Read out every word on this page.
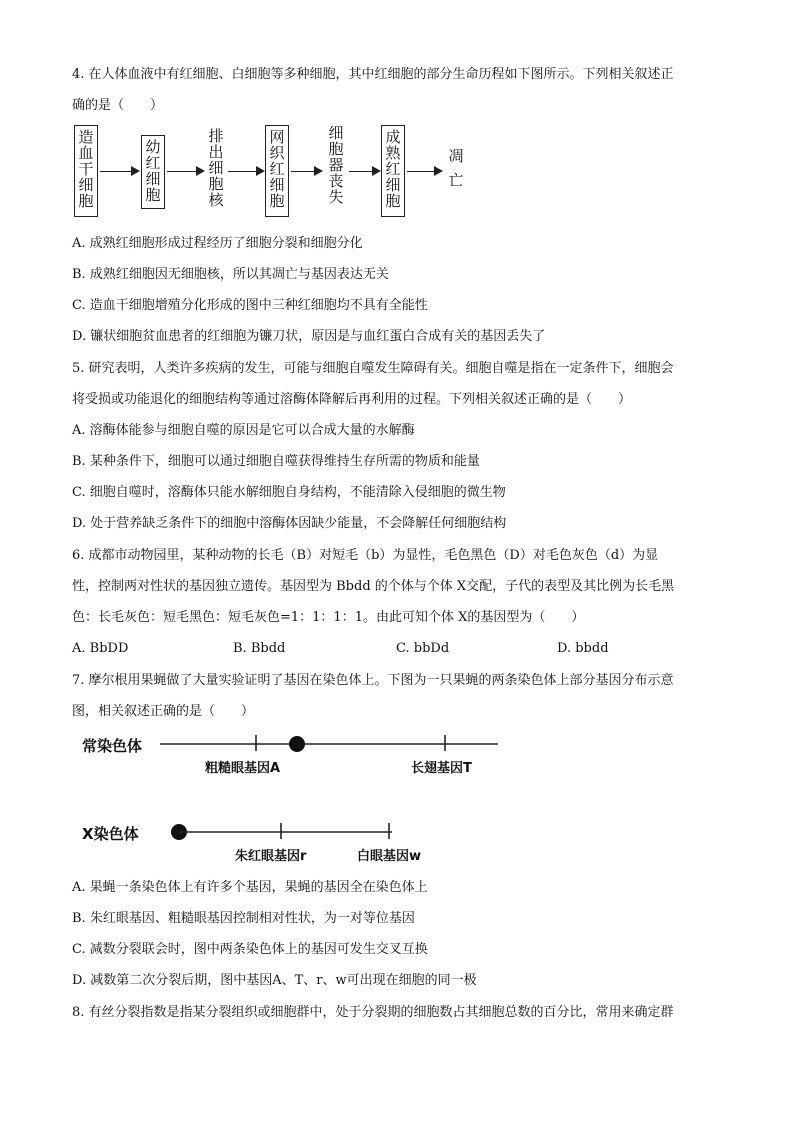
4. 在人体血液中有红细胞、白细胞等多种细胞，其中红细胞的部分生命历程如下图所示。下列相关叙述正
确的是（　　）
造
血
干
细
胞
幼
红
细
胞
排
出
细
胞
核
网
织
红
细
胞
细
胞
器
丧
失
成
熟
红
细
胞
凋
亡
A. 成熟红细胞形成过程经历了细胞分裂和细胞分化
B. 成熟红细胞因无细胞核，所以其凋亡与基因表达无关
C. 造血干细胞增殖分化形成的图中三种红细胞均不具有全能性
D. 镰状细胞贫血患者的红细胞为镰刀状，原因是与血红蛋白合成有关的基因丢失了
5. 研究表明，人类许多疾病的发生，可能与细胞自噬发生障碍有关。细胞自噬是指在一定条件下，细胞会
将受损或功能退化的细胞结构等通过溶酶体降解后再利用的过程。下列相关叙述正确的是（　　）
A. 溶酶体能参与细胞自噬的原因是它可以合成大量的水解酶
B. 某种条件下，细胞可以通过细胞自噬获得维持生存所需的物质和能量
C. 细胞自噬时，溶酶体只能水解细胞自身结构，不能清除入侵细胞的微生物
D. 处于营养缺乏条件下的细胞中溶酶体因缺少能量，不会降解任何细胞结构
6. 成都市动物园里，某种动物的长毛（B）对短毛（b）为显性，毛色黑色（D）对毛色灰色（d）为显
性，控制两对性状的基因独立遗传。基因型为 Bbdd 的个体与个体 X交配，子代的表型及其比例为长毛黑
色：长毛灰色：短毛黑色：短毛灰色=1：1：1：1。由此可知个体 X的基因型为（　　）
A. BbDD	B. Bbdd	C. bbDd	D. bbdd
7. 摩尔根用果蝇做了大量实验证明了基因在染色体上。下图为一只果蝇的两条染色体上部分基因分布示意
图，相关叙述正确的是（　　）
常染色体
粗糙眼基因A	长翅基因T
X染色体
朱红眼基因r	白眼基因w
A. 果蝇一条染色体上有许多个基因，果蝇的基因全在染色体上
B. 朱红眼基因、粗糙眼基因控制相对性状，为一对等位基因
C. 减数分裂联会时，图中两条染色体上的基因可发生交叉互换
D. 减数第二次分裂后期，图中基因A、T、r、w可出现在细胞的同一极
8. 有丝分裂指数是指某分裂组织或细胞群中，处于分裂期的细胞数占其细胞总数的百分比，常用来确定群
